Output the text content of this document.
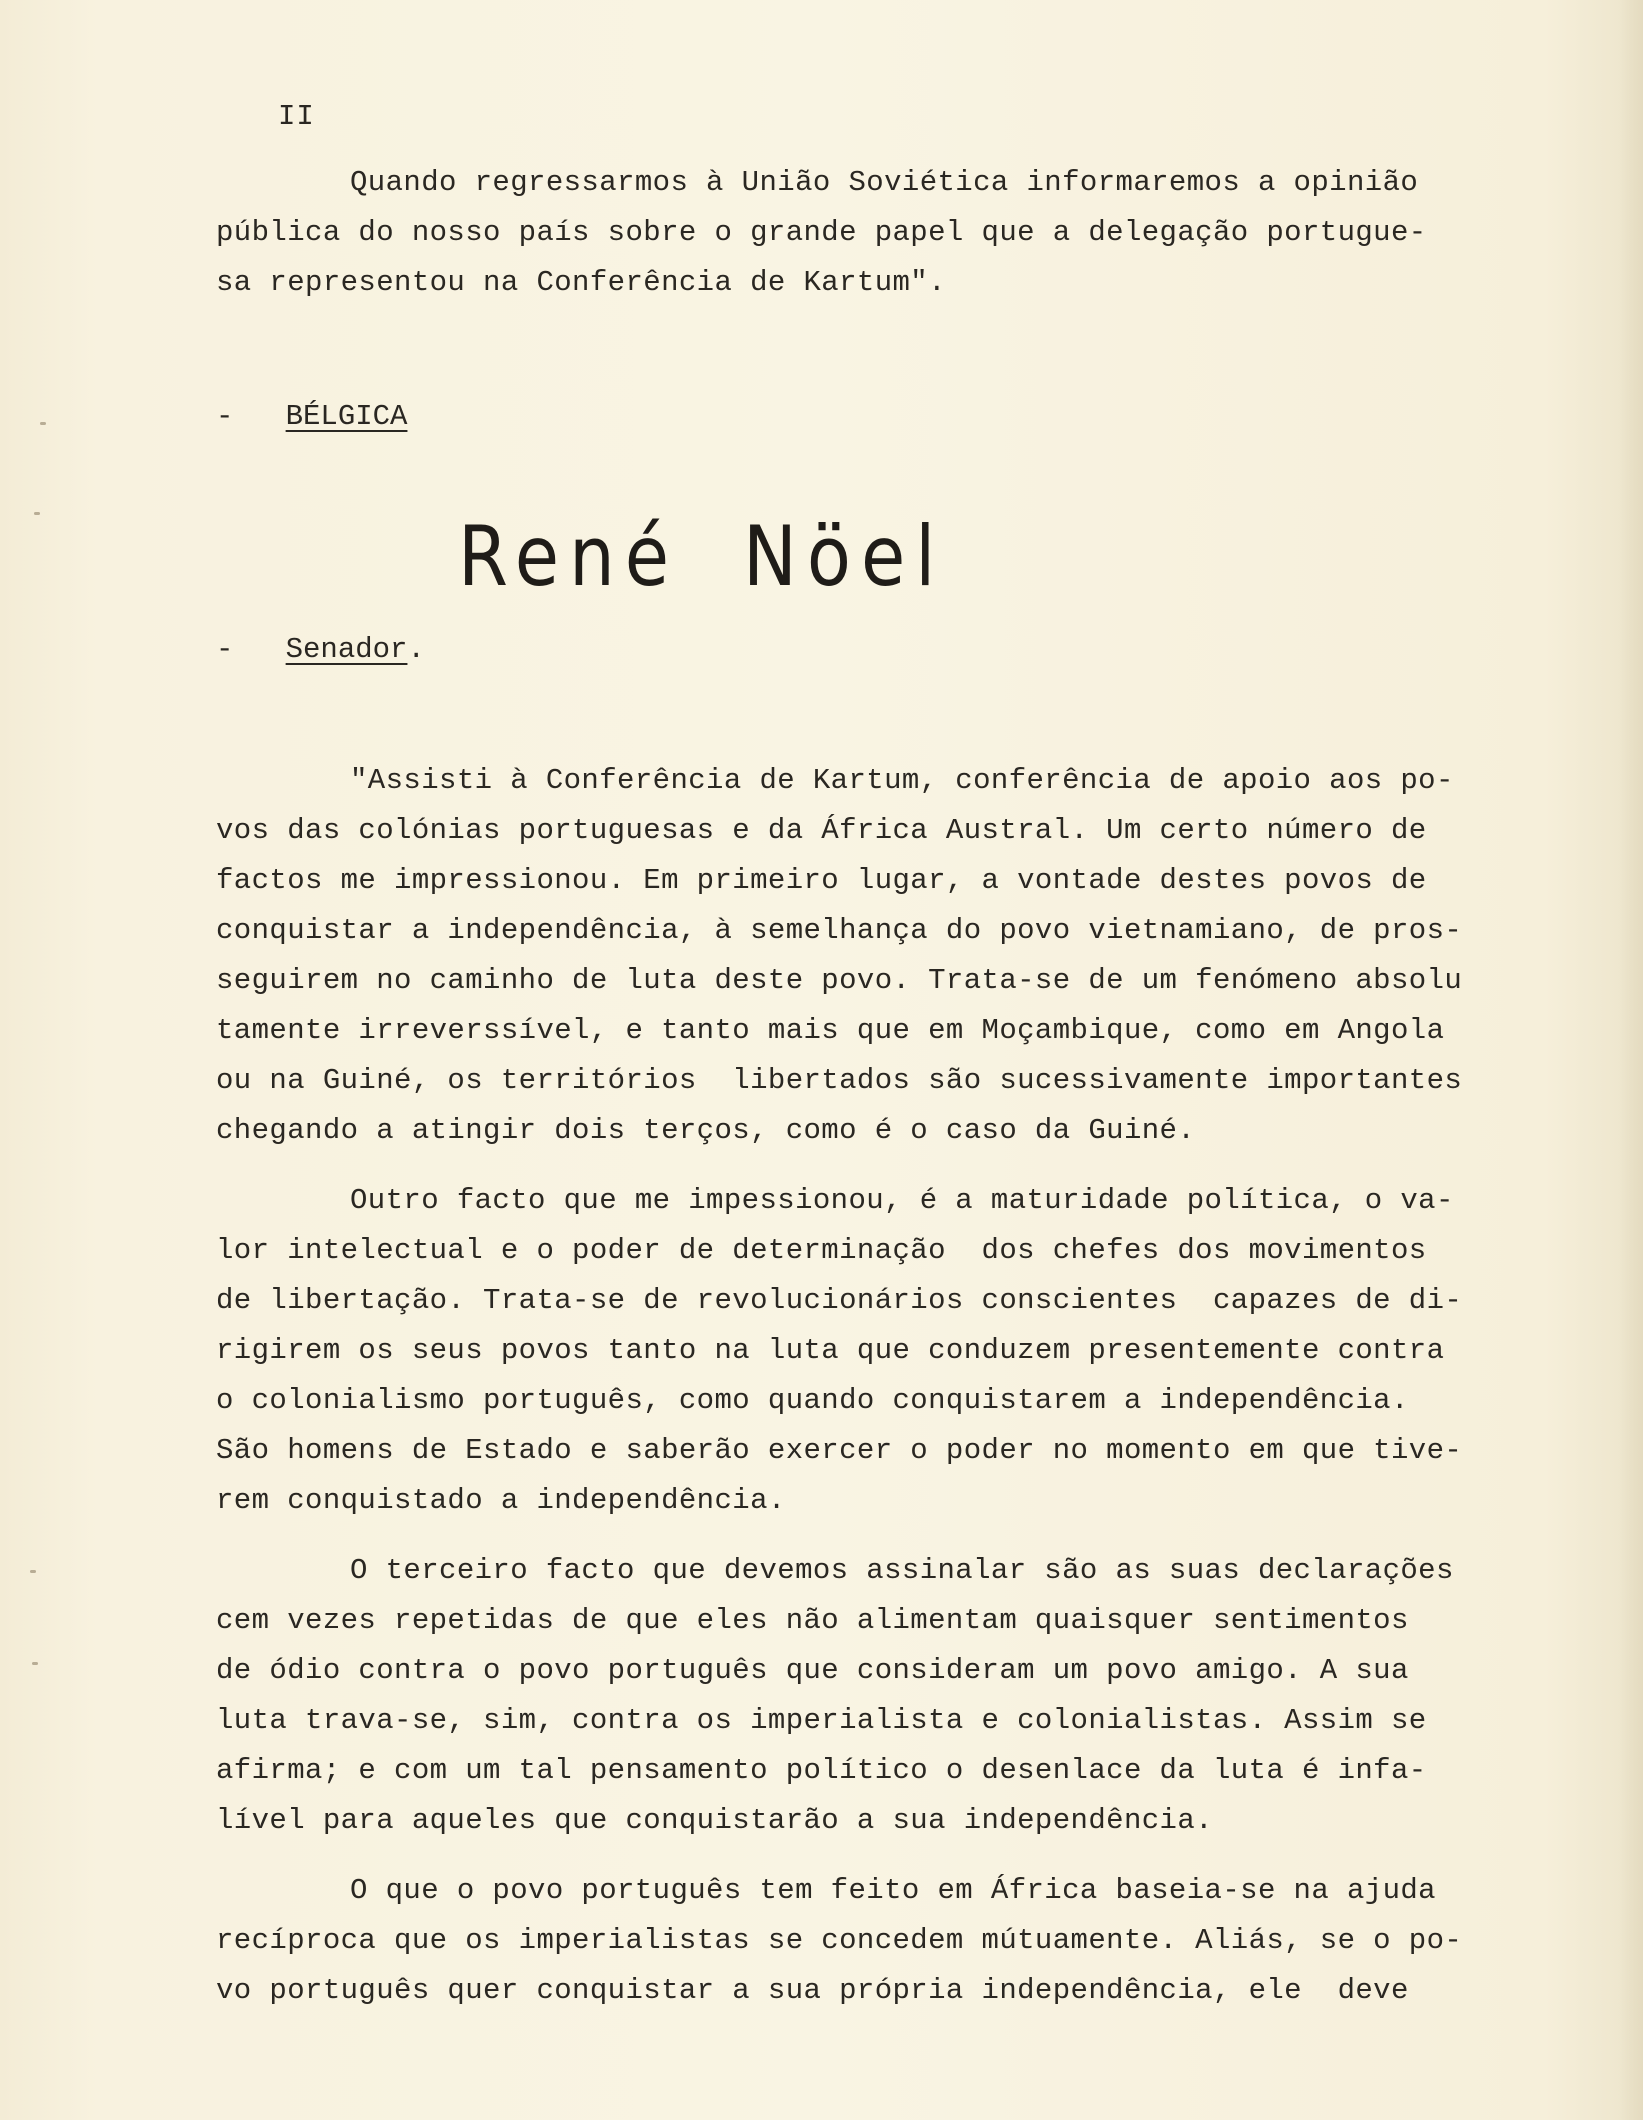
II
Quando regressarmos à União Soviética informaremos a opinião
pública do nosso país sobre o grande papel que a delegação portugue-
sa representou na Conferência de Kartum".
- BÉLGICA
René Nöel
- Senador.
"Assisti à Conferência de Kartum, conferência de apoio aos po-
vos das colónias portuguesas e da África Austral. Um certo número de
factos me impressionou. Em primeiro lugar, a vontade destes povos de
conquistar a independência, à semelhança do povo vietnamiano, de pros-
seguirem no caminho de luta deste povo. Trata-se de um fenómeno absolu
tamente irreverssível, e tanto mais que em Moçambique, como em Angola
ou na Guiné, os territórios  libertados são sucessivamente importantes
chegando a atingir dois terços, como é o caso da Guiné.
Outro facto que me impessionou, é a maturidade política, o va-
lor intelectual e o poder de determinação  dos chefes dos movimentos
de libertação. Trata-se de revolucionários conscientes  capazes de di-
rigirem os seus povos tanto na luta que conduzem presentemente contra
o colonialismo português, como quando conquistarem a independência.
São homens de Estado e saberão exercer o poder no momento em que tive-
rem conquistado a independência.
O terceiro facto que devemos assinalar são as suas declarações
cem vezes repetidas de que eles não alimentam quaisquer sentimentos
de ódio contra o povo português que consideram um povo amigo. A sua
luta trava-se, sim, contra os imperialista e colonialistas. Assim se
afirma; e com um tal pensamento político o desenlace da luta é infa-
lível para aqueles que conquistarão a sua independência.
O que o povo português tem feito em África baseia-se na ajuda
recíproca que os imperialistas se concedem mútuamente. Aliás, se o po-
vo português quer conquistar a sua própria independência, ele  deve
